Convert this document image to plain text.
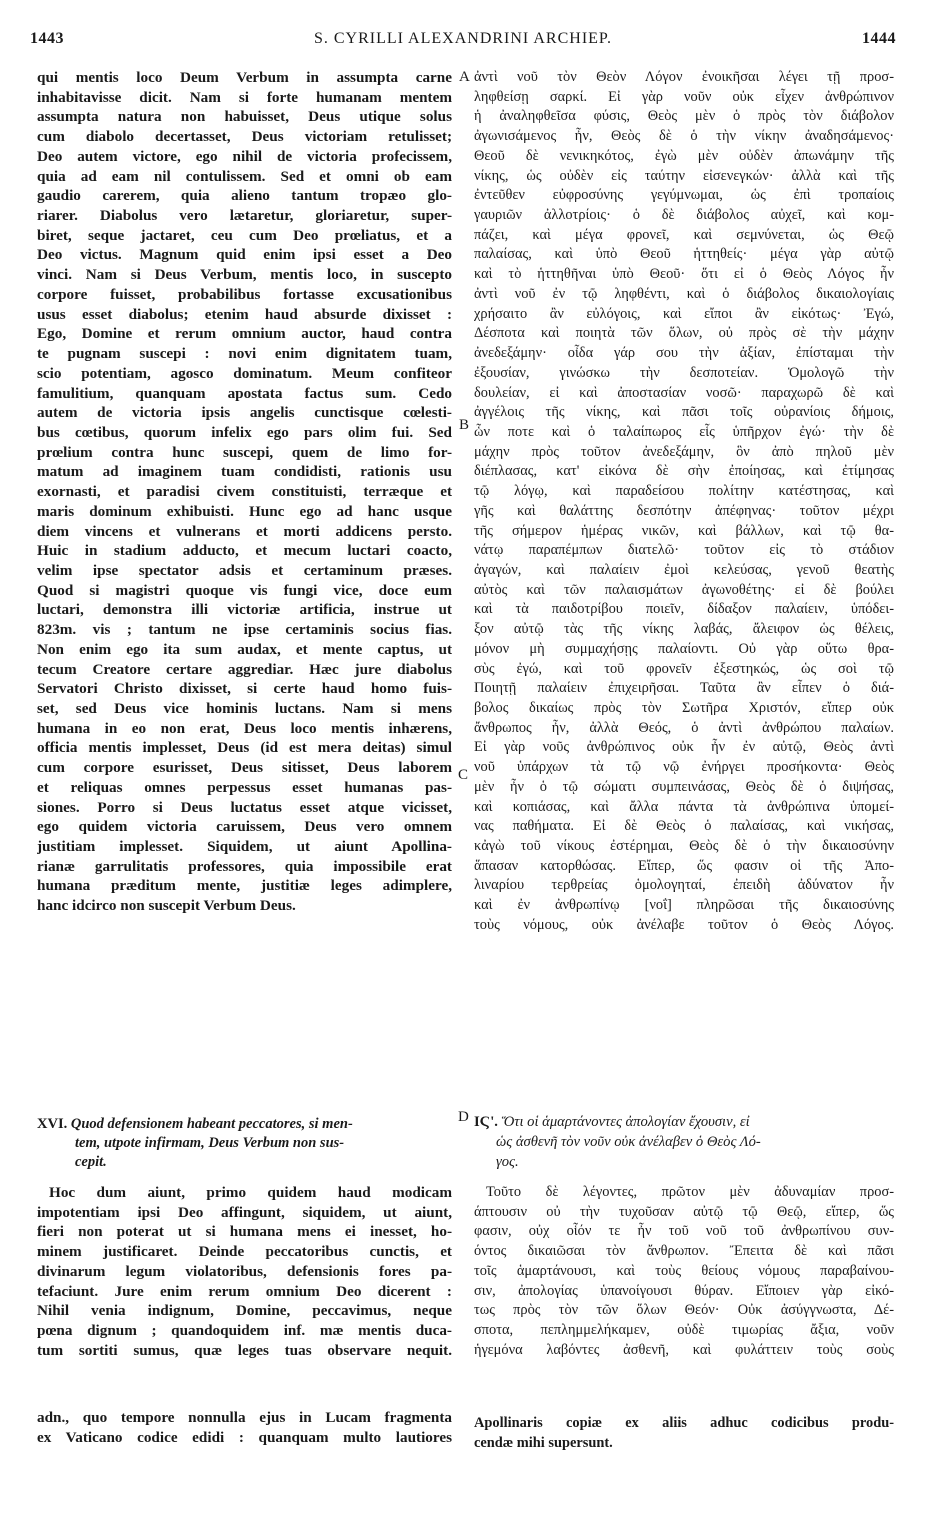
1443	S. CYRILLI ALEXANDRINI ARCHIEP.	1444
A
B
C
D
qui mentis loco Deum Verbum in assumpta carne
inhabitavisse dicit. Nam si forte humanam mentem
assumpta natura non habuisset, Deus utique solus
cum diabolo decertasset, Deus victoriam retulisset;
Deo autem victore, ego nihil de victoria profecissem,
quia ad eam nil contulissem. Sed et omni ob eam
gaudio carerem, quia alieno tantum tropæo glo-
riarer. Diabolus vero lætaretur, gloriaretur, super-
biret, seque jactaret, ceu cum Deo prœliatus, et a
Deo victus. Magnum quid enim ipsi esset a Deo
vinci. Nam si Deus Verbum, mentis loco, in suscepto
corpore fuisset, probabilibus fortasse excusationibus
usus esset diabolus; etenim haud absurde dixisset :
Ego, Domine et rerum omnium auctor, haud contra
te pugnam suscepi : novi enim dignitatem tuam,
scio potentiam, agosco dominatum. Meum confiteor
famulitium, quanquam apostata factus sum. Cedo
autem de victoria ipsis angelis cunctisque cœlesti-
bus cœtibus, quorum infelix ego pars olim fui. Sed
prœlium contra hunc suscepi, quem de limo for-
matum ad imaginem tuam condidisti, rationis usu
exornasti, et paradisi civem constituisti, terræque et
maris dominum exhibuisti. Hunc ego ad hanc usque
diem vincens et vulnerans et morti addicens perstо.
Huic in stadium adducto, et mecum luctari coacto,
velim ipse spectator adsis et certaminum præses.
Quod si magistri quoque vis fungi vice, doce eum
luctari, demonstra illi victoriæ artificia, instrue ut
823m. vis ; tantum ne ipse certaminis socius fias.
Non enim ego ita sum audax, et mente captus, ut
tecum Creatore certare aggrediar. Hæc jure diabolus
Servatori Christo dixisset, si certe haud homo fuis-
set, sed Deus vice hominis luctans. Nam si mens
humana in eo non erat, Deus loco mentis inhærens,
officia mentis implesset, Deus (id est mera deitas) simul
cum corpore esurisset, Deus sitisset, Deus laborem
et reliquas omnes perpessus esset humanas pas-
siones. Porro si Deus luctatus esset atque vicisset,
ego quidem victoria caruissem, Deus vero omnem
justitiam implesset. Siquidem, ut aiunt Apollina-
rianæ garrulitatis professores, quia impossibile erat
humana præditum mente, justitiæ leges adimplere,
hanc idcirco non suscepit Verbum Deus.
XVI. Quod defensionem habeant peccatores, si men-
tem, utpote infirmam, Deus Verbum non sus-
cepit.
Hoc dum aiunt, primo quidem haud modicam
impotentiam ipsi Deo affingunt, siquidem, ut aiunt,
fieri non poterat ut si humana mens ei inesset, ho-
minem justificaret. Deinde peccatoribus cunctis, et
divinarum legum violatoribus, defensionis fores pa-
tefaciunt. Jure enim rerum omnium Deo dicerent :
Nihil venia indignum, Domine, peccavimus, neque
pœna dignum ; quandoquidem inf. mæ mentis ducа-
tum sortiti sumus, quæ leges tuas observare nequit.
adn., quo tempore nonnulla ejus in Lucam fragmenta
ex Vaticano codice edidi : quanquam multo lautiores
ἀντὶ νοῦ τὸν Θεὸν Λόγον ἐνοικῆσαι λέγει τῇ προσ-
ληφθείσῃ σαρκί. Εἰ γὰρ νοῦν οὐκ εἶχεν ἀνθρώπινον
ἡ ἀναληφθεῖσα φύσις, Θεὸς μὲν ὁ πρὸς τὸν διάβολον
ἀγωνισάμενος ἦν, Θεὸς δὲ ὁ τὴν νίκην ἀναδησάμενος·
Θεοῦ δὲ νενικηκότος, ἐγὼ μὲν οὐδὲν ἀπωνάμην τῆς
νίκης, ὡς οὐδὲν εἰς ταύτην εἰσενεγκών· ἀλλὰ καὶ τῆς
ἐντεῦθεν εὐφροσύνης γεγύμνωμαι, ὡς ἐπὶ τροπαίοις
γαυριῶν ἀλλοτρίοις· ὁ δὲ διάβολος αὐχεῖ, καὶ κομ-
πάζει, καὶ μέγα φρονεῖ, καὶ σεμνύνεται, ὡς Θεῷ
παλαίσας, καὶ ὑπὸ Θεοῦ ἡττηθείς· μέγα γὰρ αὐτῷ
καὶ τὸ ἡττηθῆναι ὑπὸ Θεοῦ· ὅτι εἰ ὁ Θεὸς Λόγος ἦν
ἀντὶ νοῦ ἐν τῷ ληφθέντι, καὶ ὁ διάβολος δικαιολογίαις
χρήσαιτο ἂν εὐλόγοις, καὶ εἴποι ἂν εἰκότως· Ἐγώ,
Δέσποτα καὶ ποιητὰ τῶν ὅλων, οὐ πρὸς σὲ τὴν μάχην
ἀνεδεξάμην· οἶδα γάρ σου τὴν ἀξίαν, ἐπίσταμαι τὴν
ἐξουσίαν, γινώσκω τὴν δεσποτείαν. Ὁμολογῶ τὴν
δουλείαν, εἰ καὶ ἀποστασίαν νοσῶ· παραχωρῶ δὲ καὶ
ἀγγέλοις τῆς νίκης, καὶ πᾶσι τοῖς οὐρανίοις δήμοις,
ὧν ποτε καὶ ὁ ταλαίπωρος εἷς ὑπῆρχον ἐγώ· τὴν δὲ
μάχην πρὸς τοῦτον ἀνεδεξάμην, ὃν ἀπὸ πηλοῦ μὲν
διέπλασας, κατ' εἰκόνα δὲ σὴν ἐποίησας, καὶ ἐτίμησας
τῷ λόγῳ, καὶ παραδείσου πολίτην κατέστησας, καὶ
γῆς καὶ θαλάττης δεσπότην ἀπέφηνας· τοῦτον μέχρι
τῆς σήμερον ἡμέρας νικῶν, καὶ βάλλων, καὶ τῷ θα-
νάτῳ παραπέμπων διατελῶ· τοῦτον εἰς τὸ στάδιον
ἀγαγών, καὶ παλαίειν ἐμοὶ κελεύσας, γενοῦ θεατὴς
αὐτὸς καὶ τῶν παλαισμάτων ἀγωνοθέτης· εἰ δὲ βούλει
καὶ τὰ παιδοτρίβου ποιεῖν, δίδαξον παλαίειν, ὑπόδει-
ξον αὐτῷ τὰς τῆς νίκης λαβάς, ἄλειφον ὡς θέλεις,
μόνον μὴ συμμαχήσῃς παλαίοντι. Οὐ γὰρ οὕτω θρα-
σὺς ἐγώ, καὶ τοῦ φρονεῖν ἐξεστηκώς, ὡς σοὶ τῷ
Ποιητῇ παλαίειν ἐπιχειρῆσαι. Ταῦτα ἂν εἶπεν ὁ διά-
βολος δικαίως πρὸς τὸν Σωτῆρα Χριστόν, εἴπερ οὐκ
ἄνθρωπος ἦν, ἀλλὰ Θεός, ὁ ἀντὶ ἀνθρώπου παλαίων.
Εἰ γὰρ νοῦς ἀνθρώπινος οὐκ ἦν ἐν αὐτῷ, Θεὸς ἀντὶ
νοῦ ὑπάρχων τὰ τῷ νῷ ἐνήργει προσήκοντα· Θεὸς
μὲν ἦν ὁ τῷ σώματι συμπεινάσας, Θεὸς δὲ ὁ διψήσας,
καὶ κοπιάσας, καὶ ἄλλα πάντα τὰ ἀνθρώπινα ὑπομεί-
νας παθήματα. Εἰ δὲ Θεὸς ὁ παλαίσας, καὶ νικήσας,
κἀγὼ τοῦ νίκους ἐστέρημαι, Θεὸς δὲ ὁ τὴν δικαιοσύνην
ἅπασαν κατορθώσας. Εἴπερ, ὥς φασιν οἱ τῆς Ἀπο-
λιναρίου τερθρείας ὁμολογηταί, ἐπειδὴ ἀδύνατον ἦν
καὶ ἐν ἀνθρωπίνῳ [νοΐ] πληρῶσαι τῆς δικαιοσύνης
τοὺς νόμους, οὐκ ἀνέλαβε τοῦτον ὁ Θεὸς Λόγος.
ΙϚ'. Ὅτι οἱ ἁμαρτάνοντες ἀπολογίαν ἔχουσιν, εἰ
ὡς ἀσθενῆ τὸν νοῦν οὐκ ἀνέλαβεν ὁ Θεὸς Λό-
γος.
Τοῦτο δὲ λέγοντες, πρῶτον μὲν ἀδυναμίαν προσ-
άπτουσιν οὐ τὴν τυχοῦσαν αὐτῷ τῷ Θεῷ, εἴπερ, ὥς
φασιν, οὐχ οἷόν τε ἦν τοῦ νοῦ τοῦ ἀνθρωπίνου συν-
όντος δικαιῶσαι τὸν ἄνθρωπον. Ἔπειτα δὲ καὶ πᾶσι
τοῖς ἁμαρτάνουσι, καὶ τοὺς θείους νόμους παραβαίνου-
σιν, ἀπολογίας ὑπανοίγουσι θύραν. Εἴποιεν γὰρ εἰκό-
τως πρὸς τὸν τῶν ὅλων Θεόν· Οὐκ ἀσύγγνωστα, Δέ-
σποτα, πεπλημμελήκαμεν, οὐδὲ τιμωρίας ἄξια, νοῦν
ἡγεμόνα λαβόντες ἀσθενῆ, καὶ φυλάττειν τοὺς σοὺς
Apollinaris copiæ ex aliis adhuc codicibus produ-
cendæ mihi supersunt.
